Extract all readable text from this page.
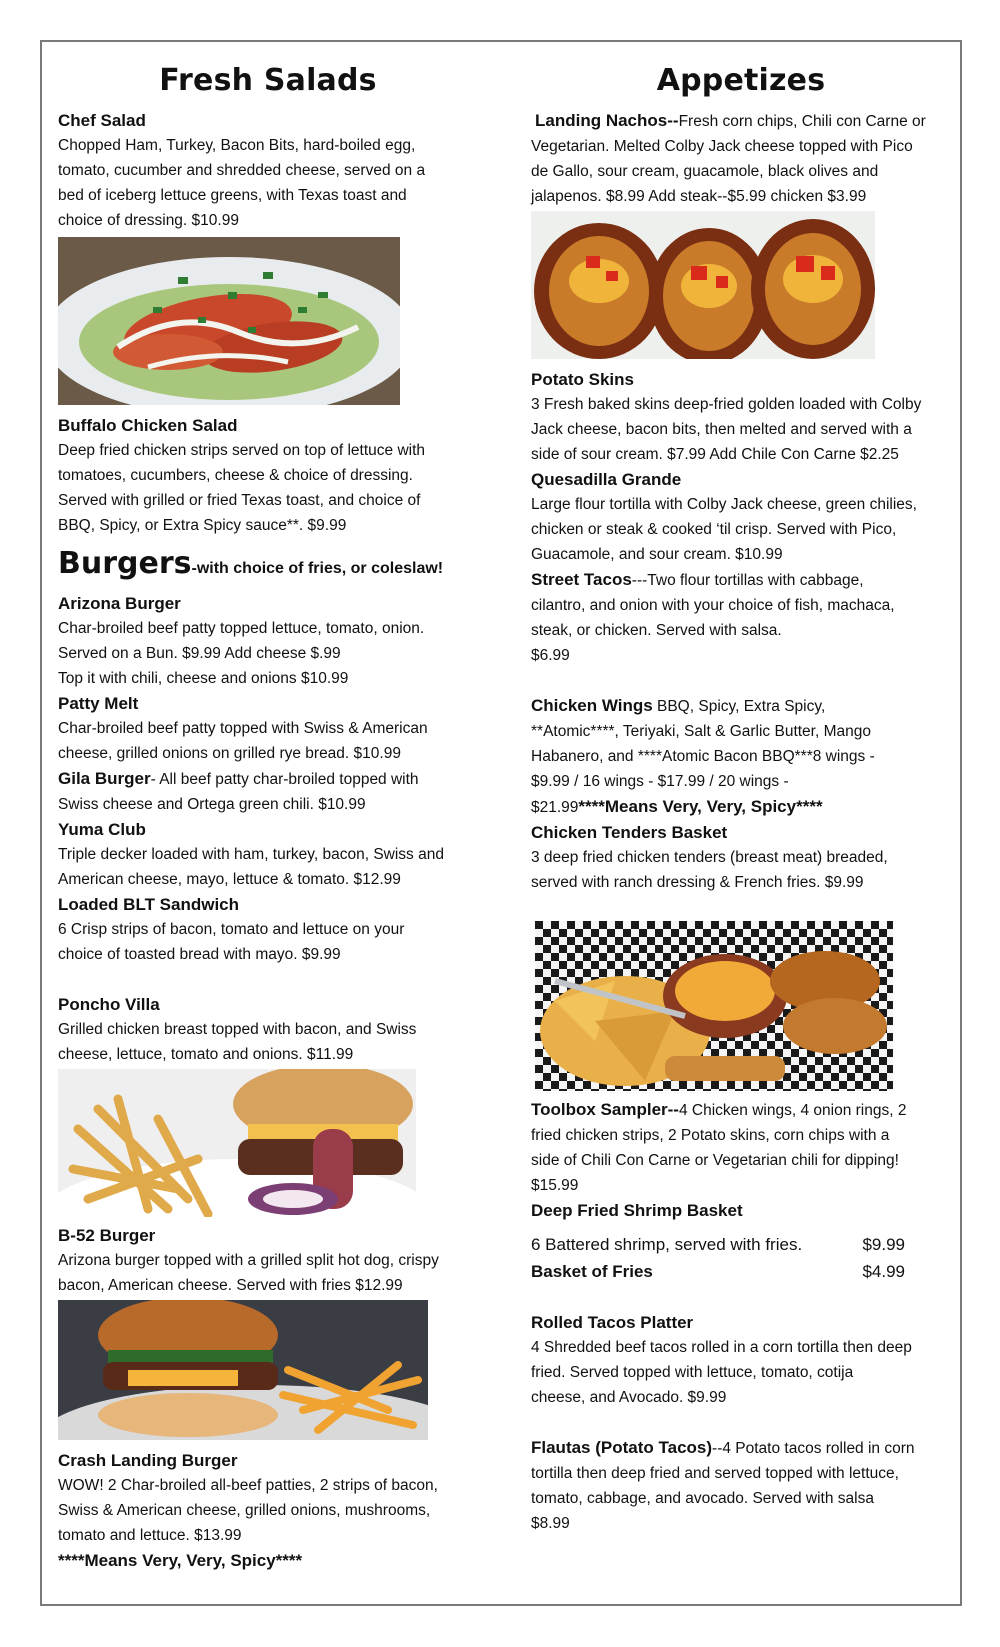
Fresh Salads

Chef Salad

Chopped Ham, Turkey, Bacon Bits, hard-boiled egg,
tomato, cucumber and shredded cheese, served on a
bed of iceberg lettuce greens, with Texas toast and
choice of dressing. $10.99

Buffalo Chicken Salad

Deep fried chicken strips served on top of lettuce with
tomatoes, cucumbers, cheese & choice of dressing.
Served with grilled or fried Texas toast, and choice of
BBQ, Spicy, or Extra Spicy sauce**. $9.99

Burgers-with choice of fries, or coleslaw!

Arizona Burger

Char-broiled beef patty topped lettuce, tomato, onion.
Served on a Bun. $9.99 Add cheese $.99
Top it with chili, cheese and onions $10.99

Patty Melt

Char-broiled beef patty topped with Swiss & American
cheese, grilled onions on grilled rye bread. $10.99

Gila Burger- All beef patty char-broiled topped with

Swiss cheese and Ortega green chili. $10.99

Yuma Club

Triple decker loaded with ham, turkey, bacon, Swiss and
American cheese, mayo, lettuce & tomato. $12.99

Loaded BLT Sandwich

6 Crisp strips of bacon, tomato and lettuce on your
choice of toasted bread with mayo. $9.99

Poncho Villa

Grilled chicken breast topped with bacon, and Swiss
cheese, lettuce, tomato and onions. $11.99

B-52 Burger

Arizona burger topped with a grilled split hot dog, crispy
bacon, American cheese. Served with fries $12.99

Crash Landing Burger

WOW! 2 Char-broiled all-beef patties, 2 strips of bacon,
Swiss & American cheese, grilled onions, mushrooms,
tomato and lettuce. $13.99

****Means Very, Very, Spicy****

Appetizes

Landing Nachos--Fresh corn chips, Chili con Carne or

Vegetarian. Melted Colby Jack cheese topped with Pico
de Gallo, sour cream, guacamole, black olives and
jalapenos. $8.99 Add steak--$5.99 chicken $3.99

Potato Skins

3 Fresh baked skins deep-fried golden loaded with Colby
Jack cheese, bacon bits, then melted and served with a
side of sour cream. $7.99 Add Chile Con Carne $2.25

Quesadilla Grande

Large flour tortilla with Colby Jack cheese, green chilies,
chicken or steak & cooked ‘til crisp. Served with Pico,
Guacamole, and sour cream. $10.99

Street Tacos---Two flour tortillas with cabbage,

cilantro, and onion with your choice of fish, machaca,
steak, or chicken. Served with salsa.
$6.99

Chicken Wings BBQ, Spicy, Extra Spicy,

**Atomic****, Teriyaki, Salt & Garlic Butter, Mango
Habanero, and ****Atomic Bacon BBQ***8 wings -
$9.99 / 16 wings - $17.99 / 20 wings -

$21.99****Means Very, Very, Spicy****

Chicken Tenders Basket

3 deep fried chicken tenders (breast meat) breaded,
served with ranch dressing & French fries. $9.99

Toolbox Sampler--4 Chicken wings, 4 onion rings, 2

fried chicken strips, 2 Potato skins, corn chips with a
side of Chili Con Carne or Vegetarian chili for dipping!
$15.99

Deep Fried Shrimp Basket

6 Battered shrimp, served with fries.	$9.99
Basket of Fries	$4.99

Rolled Tacos Platter

4 Shredded beef tacos rolled in a corn tortilla then deep
fried. Served topped with lettuce, tomato, cotija
cheese, and Avocado. $9.99

Flautas (Potato Tacos)--4 Potato tacos rolled in corn

tortilla then deep fried and served topped with lettuce,
tomato, cabbage, and avocado. Served with salsa
$8.99
